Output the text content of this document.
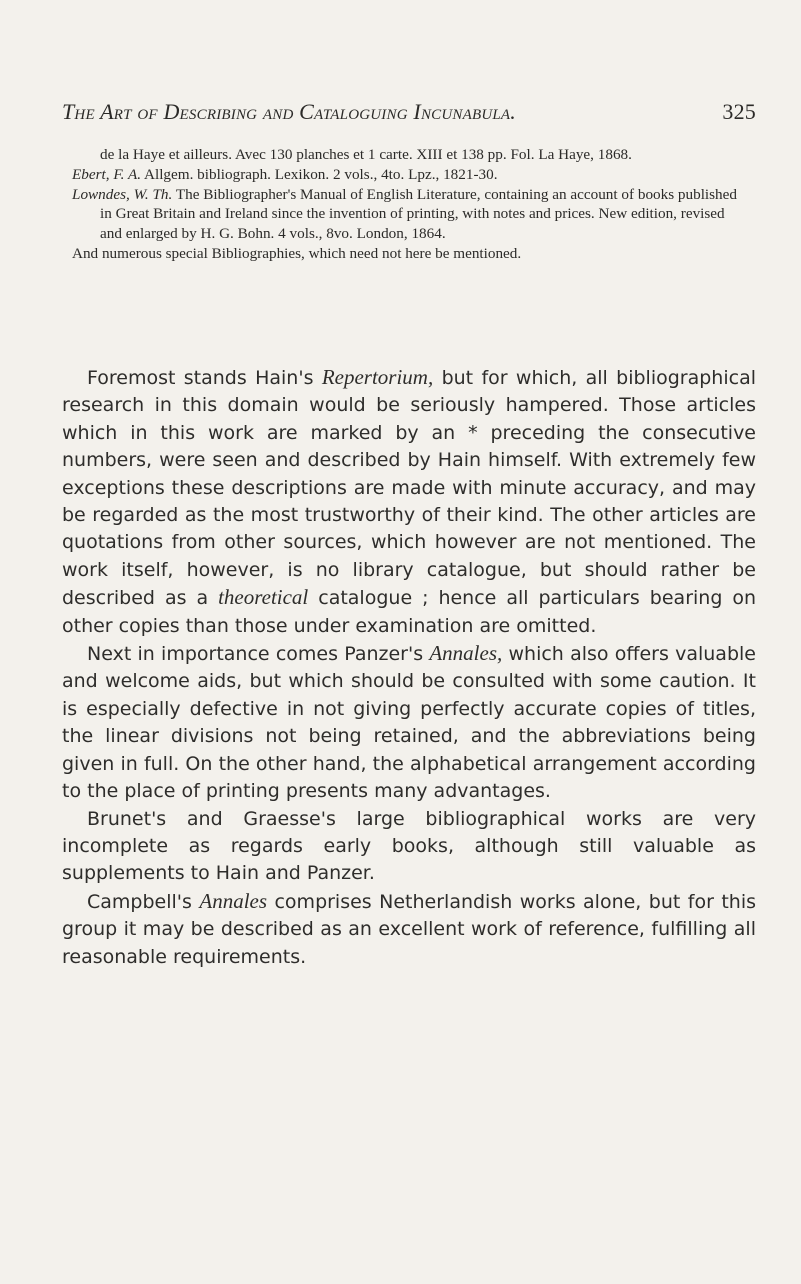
The Art of Describing and Cataloguing Incunabula.	325

de la Haye et ailleurs. Avec 130 planches et 1 carte. XIII et 138 pp. Fol. La Haye, 1868.

Ebert, F. A. Allgem. bibliograph. Lexikon. 2 vols., 4to. Lpz., 1821-30.

Lowndes, W. Th. The Bibliographer's Manual of English Literature, containing an account of books published in Great Britain and Ireland since the invention of printing, with notes and prices. New edition, revised and enlarged by H. G. Bohn. 4 vols., 8vo. London, 1864.

And numerous special Bibliographies, which need not here be mentioned.

Foremost stands Hain's Repertorium, but for which, all bibliographical research in this domain would be seriously hampered. Those articles which in this work are marked by an * preceding the consecutive numbers, were seen and described by Hain himself. With extremely few exceptions these descriptions are made with minute accuracy, and may be regarded as the most trustworthy of their kind. The other articles are quotations from other sources, which however are not mentioned. The work itself, however, is no library catalogue, but should rather be described as a theoretical catalogue ; hence all particulars bearing on other copies than those under examination are omitted.

Next in importance comes Panzer's Annales, which also offers valuable and welcome aids, but which should be consulted with some caution. It is especially defective in not giving perfectly accurate copies of titles, the linear divisions not being retained, and the abbreviations being given in full. On the other hand, the alphabetical arrangement according to the place of printing presents many advantages.

Brunet's and Graesse's large bibliographical works are very incomplete as regards early books, although still valuable as supplements to Hain and Panzer.

Campbell's Annales comprises Netherlandish works alone, but for this group it may be described as an excellent work of reference, fulfilling all reasonable requirements.
